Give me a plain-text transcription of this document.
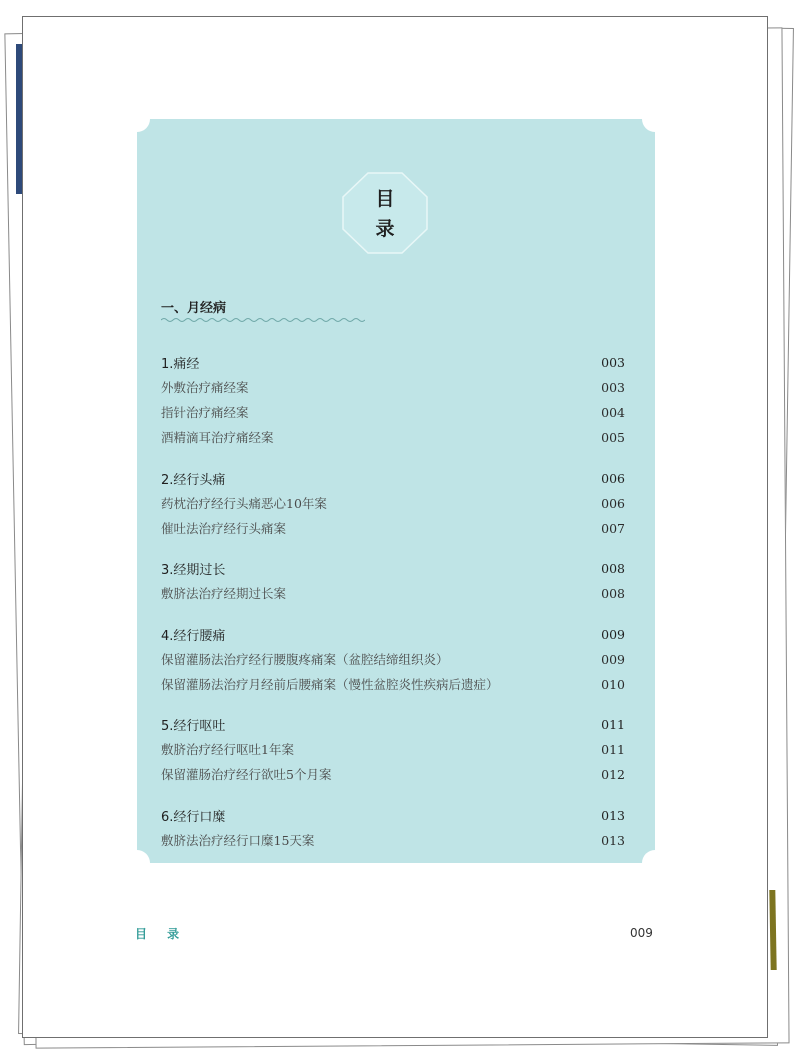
目
录
一、月经病
1.痛经	003
外敷治疗痛经案	003
指针治疗痛经案	004
酒精滴耳治疗痛经案	005
2.经行头痛	006
药枕治疗经行头痛恶心10年案	006
催吐法治疗经行头痛案	007
3.经期过长	008
敷脐法治疗经期过长案	008
4.经行腰痛	009
保留灌肠法治疗经行腰腹疼痛案（盆腔结缔组织炎）	009
保留灌肠法治疗月经前后腰痛案（慢性盆腔炎性疾病后遗症）	010
5.经行呕吐	011
敷脐治疗经行呕吐1年案	011
保留灌肠治疗经行欲吐5个月案	012
6.经行口糜	013
敷脐法治疗经行口糜15天案	013
目 录	009
